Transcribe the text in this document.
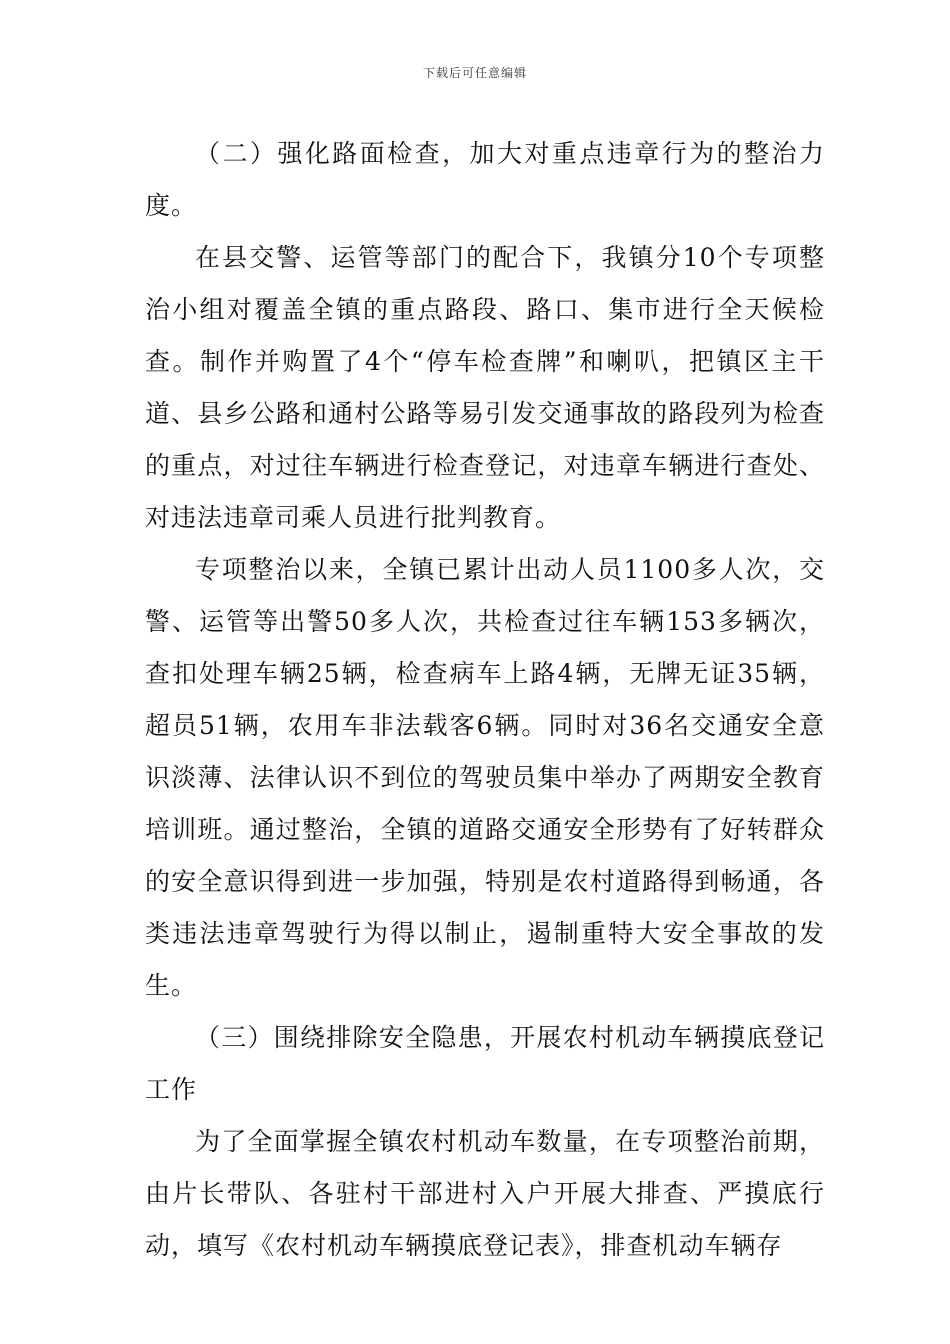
下载后可任意编辑

（二）强化路面检查，加大对重点违章行为的整治力度。

在县交警、运管等部门的配合下，我镇分10个专项整治小组对覆盖全镇的重点路段、路口、集市进行全天候检查。制作并购置了4个“停车检查牌”和喇叭，把镇区主干道、县乡公路和通村公路等易引发交通事故的路段列为检查的重点，对过往车辆进行检查登记，对违章车辆进行查处、对违法违章司乘人员进行批判教育。

专项整治以来，全镇已累计出动人员1100多人次，交警、运管等出警50多人次，共检查过往车辆153多辆次，查扣处理车辆25辆，检查病车上路4辆，无牌无证35辆，超员51辆，农用车非法载客6辆。同时对36名交通安全意识淡薄、法律认识不到位的驾驶员集中举办了两期安全教育培训班。通过整治，全镇的道路交通安全形势有了好转群众的安全意识得到进一步加强，特别是农村道路得到畅通，各类违法违章驾驶行为得以制止，遏制重特大安全事故的发生。

（三）围绕排除安全隐患，开展农村机动车辆摸底登记工作

为了全面掌握全镇农村机动车数量，在专项整治前期，由片长带队、各驻村干部进村入户开展大排查、严摸底行动，填写《农村机动车辆摸底登记表》，排查机动车辆存
